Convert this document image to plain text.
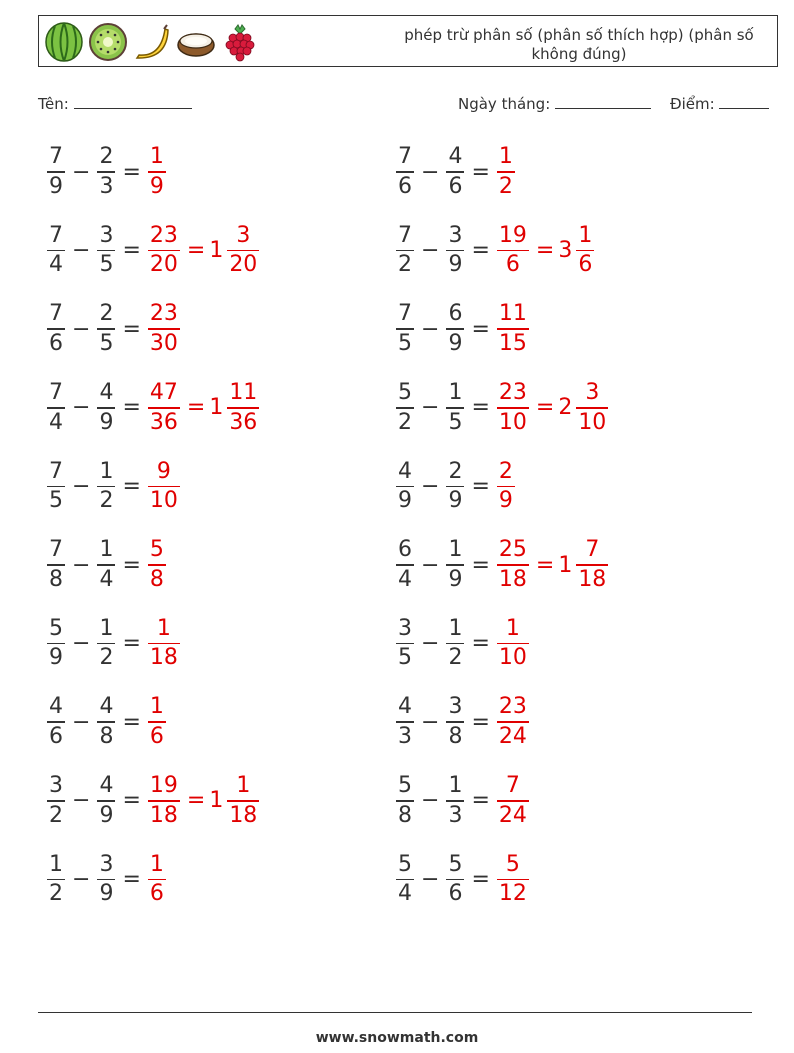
phép trừ phân số (phân số thích hợp) (phân số không đúng)
Tên:	Ngày tháng:	Điểm:
$\frac{7}{9} - \frac{2}{3} = \frac{1}{9}$	$\frac{7}{6} - \frac{4}{6} = \frac{1}{2}$
$\frac{7}{4} - \frac{3}{5} = \frac{23}{20} = 1 \frac{3}{20}$	$\frac{7}{2} - \frac{3}{9} = \frac{19}{6} = 3 \frac{1}{6}$
$\frac{7}{6} - \frac{2}{5} = \frac{23}{30}$	$\frac{7}{5} - \frac{6}{9} = \frac{11}{15}$
$\frac{7}{4} - \frac{4}{9} = \frac{47}{36} = 1 \frac{11}{36}$	$\frac{5}{2} - \frac{1}{5} = \frac{23}{10} = 2 \frac{3}{10}$
$\frac{7}{5} - \frac{1}{2} = \frac{9}{10}$	$\frac{4}{9} - \frac{2}{9} = \frac{2}{9}$
$\frac{7}{8} - \frac{1}{4} = \frac{5}{8}$	$\frac{6}{4} - \frac{1}{9} = \frac{25}{18} = 1 \frac{7}{18}$
$\frac{5}{9} - \frac{1}{2} = \frac{1}{18}$	$\frac{3}{5} - \frac{1}{2} = \frac{1}{10}$
$\frac{4}{6} - \frac{4}{8} = \frac{1}{6}$	$\frac{4}{3} - \frac{3}{8} = \frac{23}{24}$
$\frac{3}{2} - \frac{4}{9} = \frac{19}{18} = 1 \frac{1}{18}$	$\frac{5}{8} - \frac{1}{3} = \frac{7}{24}$
$\frac{1}{2} - \frac{3}{9} = \frac{1}{6}$	$\frac{5}{4} - \frac{5}{6} = \frac{5}{12}$
www.snowmath.com
